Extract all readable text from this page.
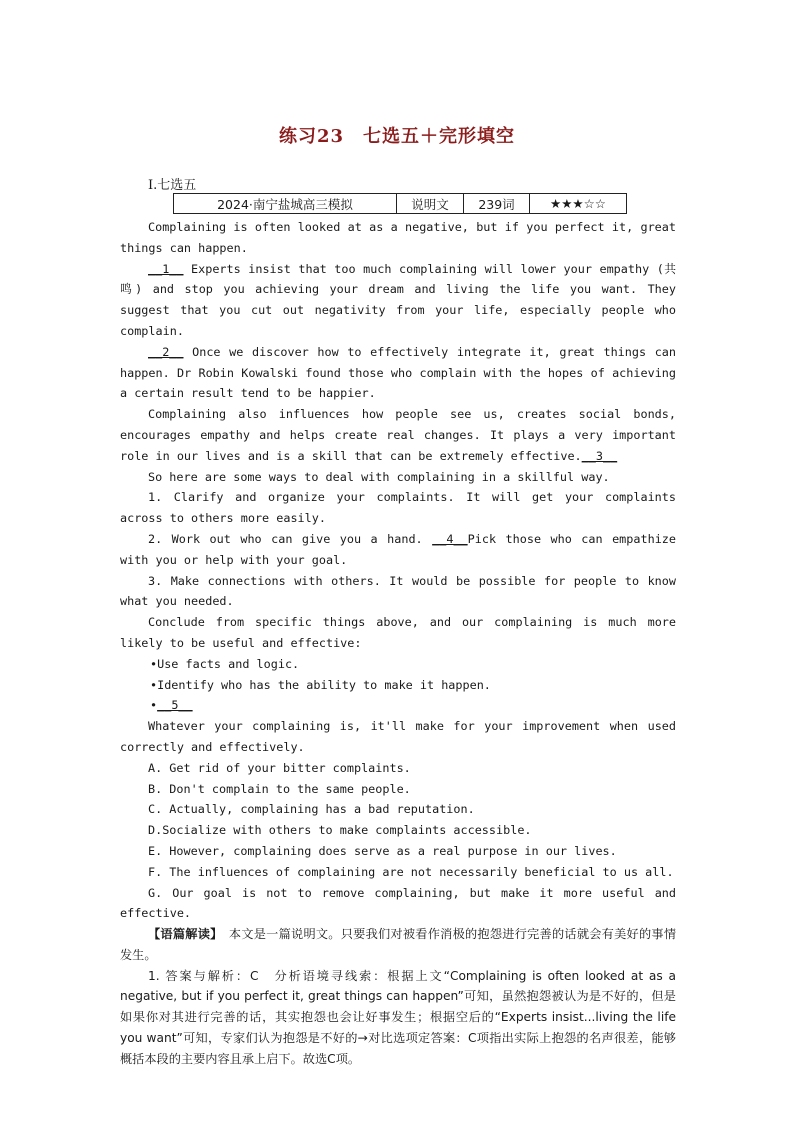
练习23　七选五＋完形填空
Ⅰ.七选五
2024·南宁盐城高三模拟	说明文	239词	★★★☆☆

Complaining is often looked at as a negative, but if you perfect it, great things can happen.

__1__ Experts insist that too much complaining will lower your empathy (共鸣) and stop you achieving your dream and living the life you want. They suggest that you cut out negativity from your life, especially people who complain.

__2__ Once we discover how to effectively integrate it, great things can happen. Dr Robin Kowalski found those who complain with the hopes of achieving a certain result tend to be happier.

Complaining also influences how people see us, creates social bonds, encourages empathy and helps create real changes. It plays a very important role in our lives and is a skill that can be extremely effective.__3__

So here are some ways to deal with complaining in a skillful way.

1. Clarify and organize your complaints. It will get your complaints across to others more easily.

2. Work out who can give you a hand. __4__Pick those who can empathize with you or help with your goal.

3. Make connections with others. It would be possible for people to know what you needed.

Conclude from specific things above, and our complaining is much more likely to be useful and effective:

•Use facts and logic.

•Identify who has the ability to make it happen.

•__5__

Whatever your complaining is, it'll make for your improvement when used correctly and effectively.

A. Get rid of your bitter complaints.

B. Don't complain to the same people.

C. Actually, complaining has a bad reputation.

D.Socialize with others to make complaints accessible.

E. However, complaining does serve as a real purpose in our lives.

F. The influences of complaining are not necessarily beneficial to us all.

G. Our goal is not to remove complaining, but make it more useful and effective.

【语篇解读】　本文是一篇说明文。只要我们对被看作消极的抱怨进行完善的话就会有美好的事情发生。

1. 答案与解析：C　分析语境寻线索：根据上文“Complaining is often looked at as a negative, but if you perfect it, great things can happen”可知，虽然抱怨被认为是不好的，但是如果你对其进行完善的话，其实抱怨也会让好事发生；根据空后的“Experts insist...living the life you want”可知，专家们认为抱怨是不好的→对比选项定答案：C项指出实际上抱怨的名声很差，能够概括本段的主要内容且承上启下。故选C项。
